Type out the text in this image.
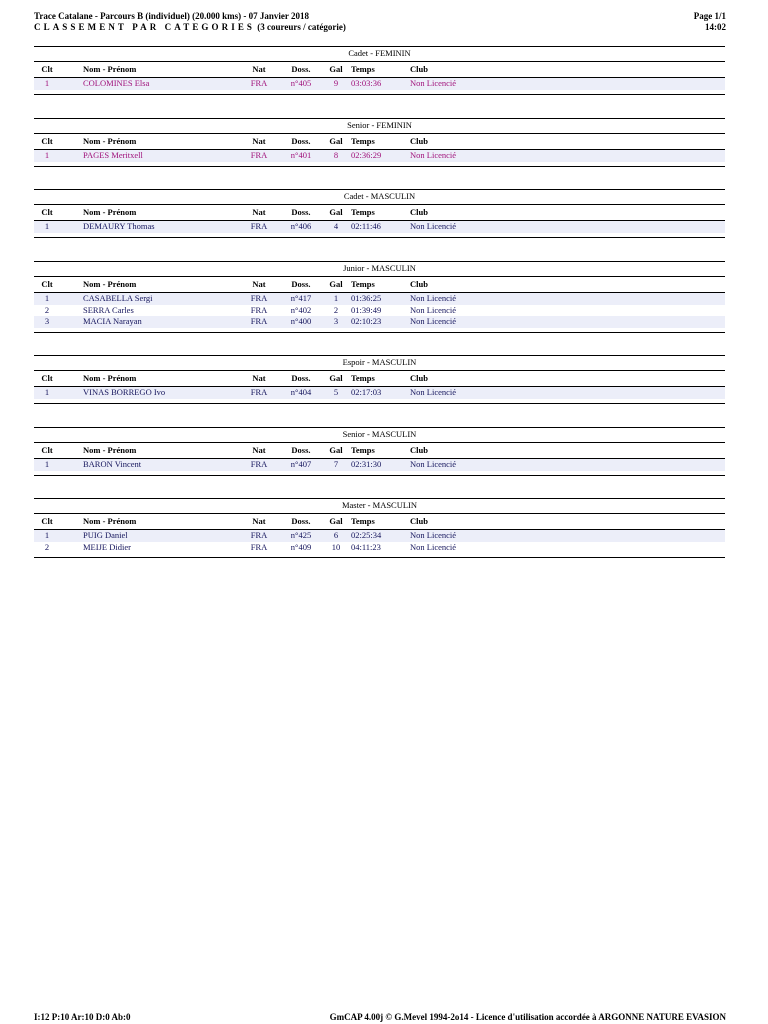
Trace Catalane - Parcours B (individuel) (20.000 kms) - 07 Janvier 2018
CLASSEMENT PAR CATEGORIES (3 coureurs / catégorie)
Page 1/1
14:02
Cadet - FEMININ
Clt	Nom - Prénom	Nat	Doss.	Gal Temps	Club
1	COLOMINES Elsa	FRA	n°405	9	03:03:36	Non Licencié
Senior - FEMININ
Clt	Nom - Prénom	Nat	Doss.	Gal Temps	Club
1	PAGES Meritxell	FRA	n°401	8	02:36:29	Non Licencié
Cadet - MASCULIN
Clt	Nom - Prénom	Nat	Doss.	Gal Temps	Club
1	DEMAURY Thomas	FRA	n°406	4	02:11:46	Non Licencié
Junior - MASCULIN
Clt	Nom - Prénom	Nat	Doss.	Gal Temps	Club
1	CASABELLA Sergi	FRA	n°417	1	01:36:25	Non Licencié
2	SERRA Carles	FRA	n°402	2	01:39:49	Non Licencié
3	MACIA Narayan	FRA	n°400	3	02:10:23	Non Licencié
Espoir - MASCULIN
Clt	Nom - Prénom	Nat	Doss.	Gal Temps	Club
1	VINAS BORREGO Ivo	FRA	n°404	5	02:17:03	Non Licencié
Senior - MASCULIN
Clt	Nom - Prénom	Nat	Doss.	Gal Temps	Club
1	BARON Vincent	FRA	n°407	7	02:31:30	Non Licencié
Master - MASCULIN
Clt	Nom - Prénom	Nat	Doss.	Gal Temps	Club
1	PUIG Daniel	FRA	n°425	6	02:25:34	Non Licencié
2	MEIJE Didier	FRA	n°409	10	04:11:23	Non Licencié
I:12 P:10 Ar:10 D:0 Ab:0	GmCAP 4.00j © G.Mevel 1994-2o14 - Licence d'utilisation accordée à ARGONNE NATURE EVASION
